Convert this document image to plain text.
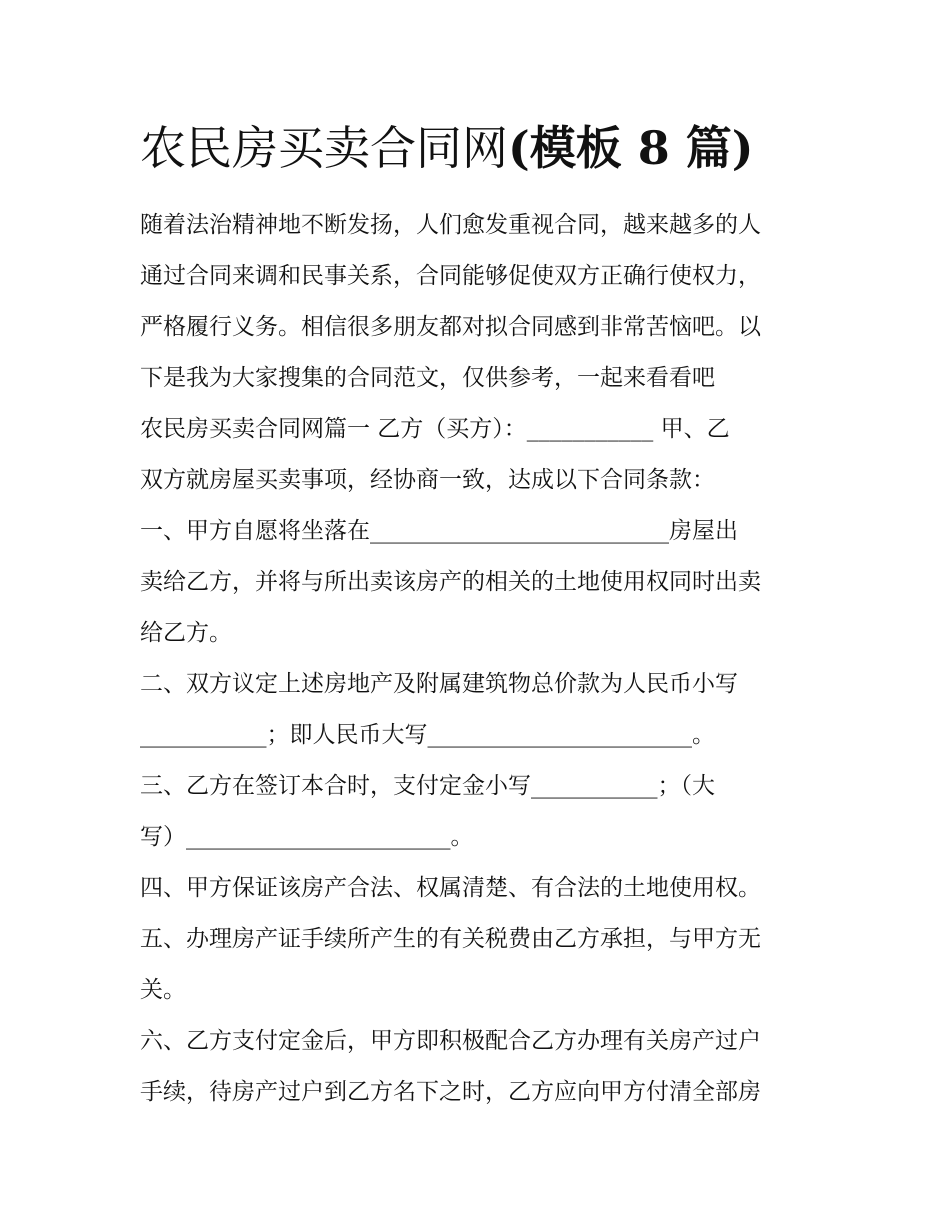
农民房买卖合同网(模板 8 篇)
随着法治精神地不断发扬，人们愈发重视合同，越来越多的人
通过合同来调和民事关系，合同能够促使双方正确行使权力，
严格履行义务。相信很多朋友都对拟合同感到非常苦恼吧。以
下是我为大家搜集的合同范文，仅供参考，一起来看看吧
农民房买卖合同网篇一 乙方（买方）：___________ 甲、乙
双方就房屋买卖事项，经协商一致，达成以下合同条款：
一、甲方自愿将坐落在__________________________房屋出
卖给乙方，并将与所出卖该房产的相关的土地使用权同时出卖
给乙方。
二、双方议定上述房地产及附属建筑物总价款为人民币小写
___________；即人民币大写_______________________。
三、乙方在签订本合时，支付定金小写___________；（大
写）_______________________。
四、甲方保证该房产合法、权属清楚、有合法的土地使用权。
五、办理房产证手续所产生的有关税费由乙方承担，与甲方无
关。
六、乙方支付定金后，甲方即积极配合乙方办理有关房产过户
手续，待房产过户到乙方名下之时，乙方应向甲方付清全部房
